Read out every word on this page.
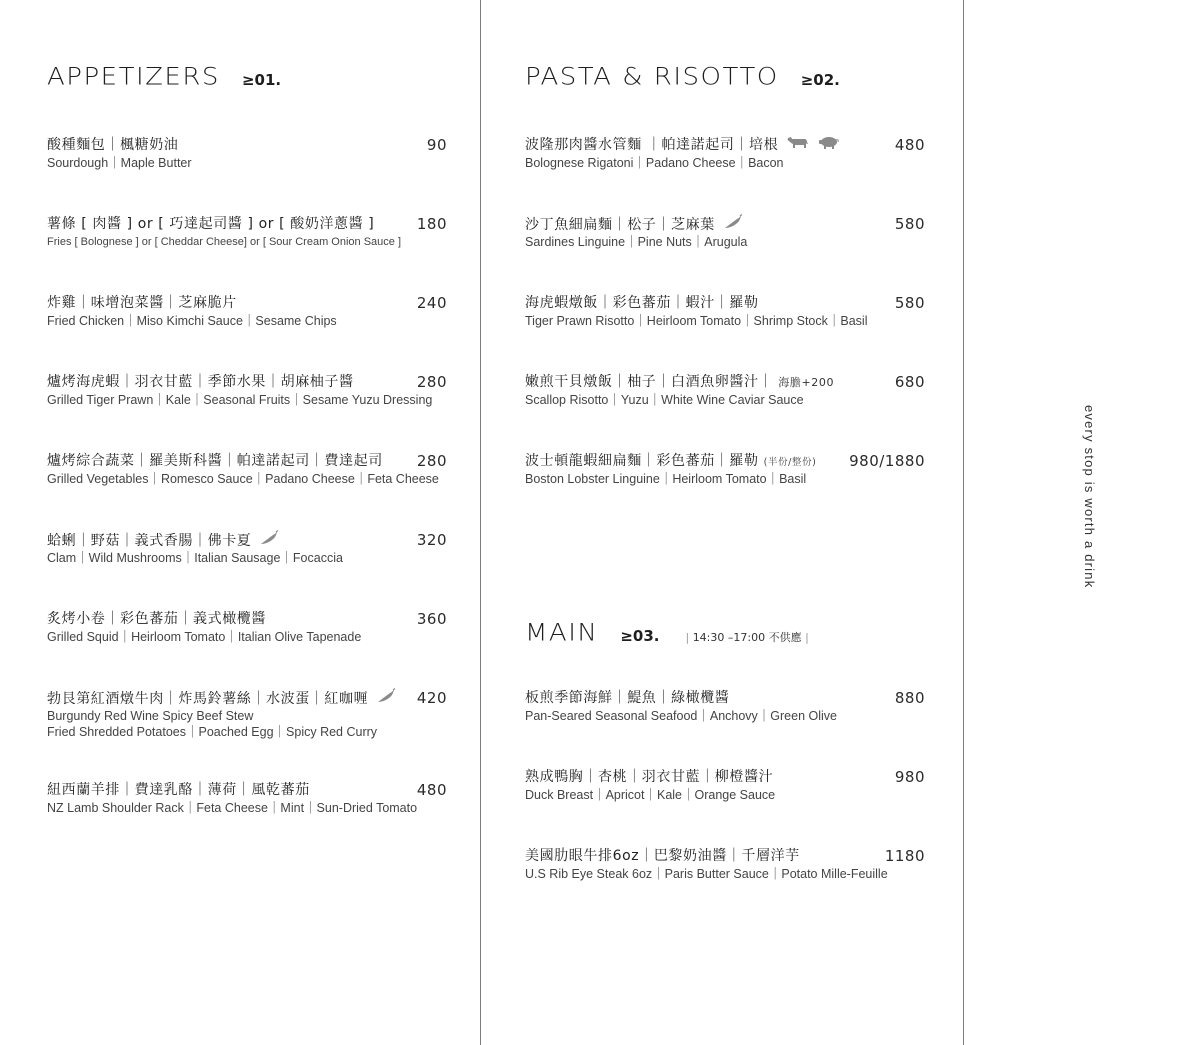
APPETIZERS ≥01.
酸種麵包｜楓糖奶油
Sourdough｜Maple Butter
90
薯條 [ 肉醬 ] or [ 巧達起司醬 ] or [ 酸奶洋蔥醬 ]
Fries [ Bolognese ] or [ Cheddar Cheese] or [ Sour Cream Onion Sauce ]
180
炸雞｜味增泡菜醬｜芝麻脆片
Fried Chicken｜Miso Kimchi Sauce｜Sesame Chips
240
爐烤海虎蝦｜羽衣甘藍｜季節水果｜胡麻柚子醬
Grilled Tiger Prawn｜Kale｜Seasonal Fruits｜Sesame Yuzu Dressing
280
爐烤綜合蔬菜｜羅美斯科醬｜帕達諾起司｜費達起司
Grilled Vegetables｜Romesco Sauce｜Padano Cheese｜Feta Cheese
280
蛤蜊｜野菇｜義式香腸｜佛卡夏
Clam｜Wild Mushrooms｜Italian Sausage｜Focaccia
320
炙烤小卷｜彩色蕃茄｜義式橄欖醬
Grilled Squid｜Heirloom Tomato｜Italian Olive Tapenade
360
勃艮第紅酒燉牛肉｜炸馬鈴薯絲｜水波蛋｜紅咖喱
Burgundy Red Wine Spicy Beef Stew
Fried Shredded Potatoes｜Poached Egg｜Spicy Red Curry
420
紐西蘭羊排｜費達乳酪｜薄荷｜風乾蕃茄
NZ Lamb Shoulder Rack｜Feta Cheese｜Mint｜Sun-Dried Tomato
480
PASTA & RISOTTO ≥02.
波隆那肉醬水管麵 ｜帕達諾起司｜培根
Bolognese Rigatoni｜Padano Cheese｜Bacon
480
沙丁魚細扁麵｜松子｜芝麻葉
Sardines Linguine｜Pine Nuts｜Arugula
580
海虎蝦燉飯｜彩色蕃茄｜蝦汁｜羅勒
Tiger Prawn Risotto｜Heirloom Tomato｜Shrimp Stock｜Basil
580
嫩煎干貝燉飯｜柚子｜白酒魚卵醬汁｜ 海膽+200
Scallop Risotto｜Yuzu｜White Wine Caviar Sauce
680
波士頓龍蝦細扁麵｜彩色蕃茄｜羅勒 (半份/整份)
Boston Lobster Linguine｜Heirloom Tomato｜Basil
980/1880
MAIN ≥03. | 14:30 –17:00 不供應 |
板煎季節海鮮｜鯷魚｜綠橄欖醬
Pan-Seared Seasonal Seafood｜Anchovy｜Green Olive
880
熟成鴨胸｜杏桃｜羽衣甘藍｜柳橙醬汁
Duck Breast｜Apricot｜Kale｜Orange Sauce
980
美國肋眼牛排6oz｜巴黎奶油醬｜千層洋芋
U.S Rib Eye Steak 6oz｜Paris Butter Sauce｜Potato Mille-Feuille
1180
every stop is worth a drink
